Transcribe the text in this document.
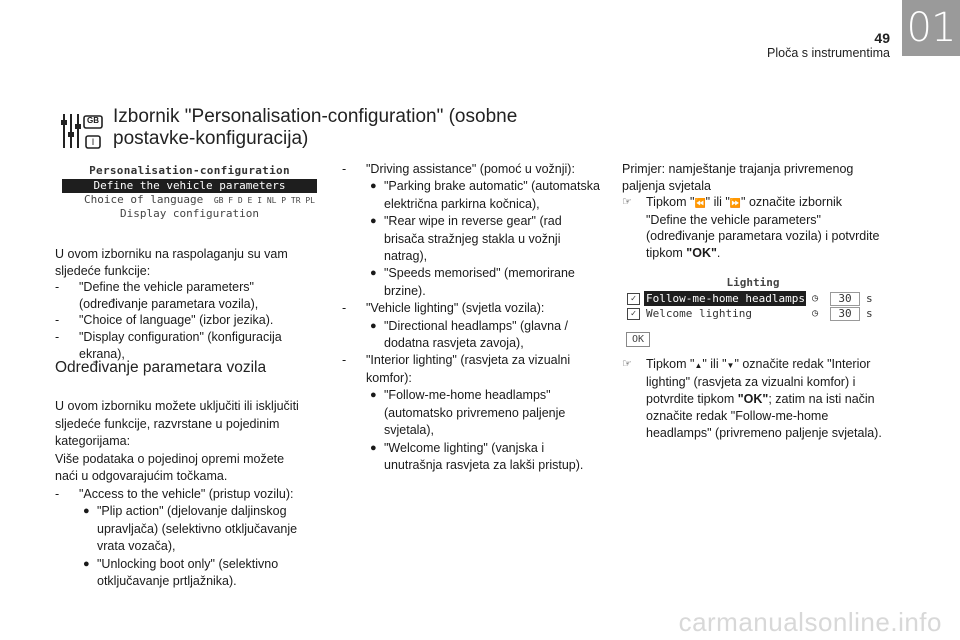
49
Ploča s instrumentima
01
GB
I
Izbornik "Personalisation-configuration" (osobne postavke-konfiguracija)
Personalisation-configuration
Define the vehicle parameters
Choice of language GB F D E I NL P TR PL
Display configuration
U ovom izborniku na raspolaganju su vam sljedeće funkcije:
-	"Define the vehicle parameters" (određivanje parametara vozila),
-	"Choice of language" (izbor jezika).
-	"Display configuration" (konfiguracija ekrana),
Određivanje parametara vozila
U ovom izborniku možete uključiti ili isključiti sljedeće funkcije, razvrstane u pojedinim kategorijama:
Više podataka o pojedinoj opremi možete naći u odgovarajućim točkama.
-	"Access to the vehicle" (pristup vozilu):
● "Plip action" (djelovanje daljinskog upravljača) (selektivno otključavanje vrata vozača),
● "Unlocking boot only" (selektivno otključavanje prtljažnika).
-	"Driving assistance" (pomoć u vožnji):
● "Parking brake automatic" (automatska električna parkirna kočnica),
● "Rear wipe in reverse gear" (rad brisača stražnjeg stakla u vožnji natrag),
● "Speeds memorised" (memorirane brzine).
-	"Vehicle lighting" (svjetla vozila):
● "Directional headlamps" (glavna / dodatna rasvjeta zavoja),
-	"Interior lighting" (rasvjeta za vizualni komfor):
● "Follow-me-home headlamps" (automatsko privremeno paljenje svjetala),
● "Welcome lighting" (vanjska i unutrašnja rasvjeta za lakši pristup).
Primjer: namještanje trajanja privremenog paljenja svjetala
☞	Tipkom "⏪" ili "⏩" označite izbornik "Define the vehicle parameters" (određivanje parametara vozila) i potvrdite tipkom "OK".
Lighting
✓ Follow-me-home headlamps ◷	30	s
✓ Welcome lighting	◷	30	s
OK
☞	Tipkom "▲" ili "▼" označite redak "Interior lighting" (rasvjeta za vizualni komfor) i potvrdite tipkom "OK"; zatim na isti način označite redak "Follow-me-home headlamps" (privremeno paljenje svjetala).
carmanualsonline.info
